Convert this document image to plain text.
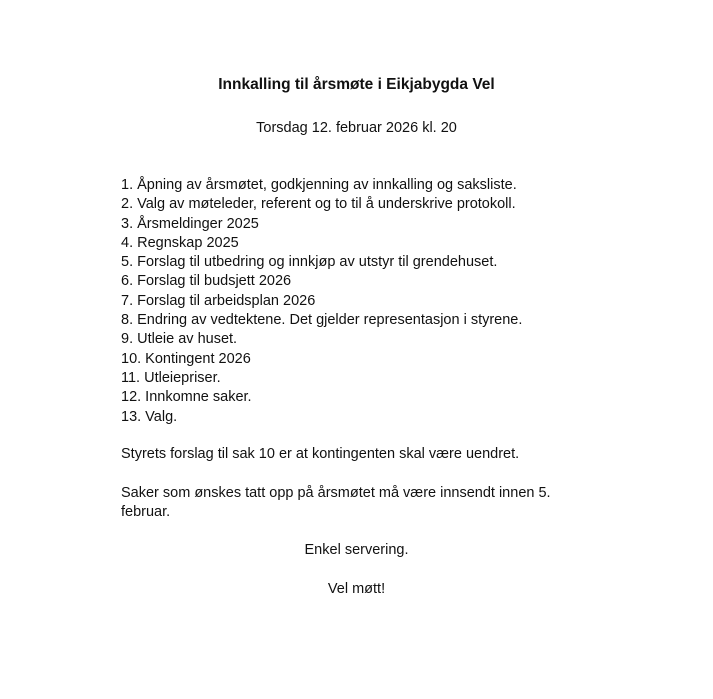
Innkalling til årsmøte i Eikjabygda Vel

Torsdag 12. februar 2026 kl. 20

1. Åpning av årsmøtet, godkjenning av innkalling og saksliste.
2. Valg av møteleder, referent og to til å underskrive protokoll.
3. Årsmeldinger 2025
4. Regnskap 2025
5. Forslag til utbedring og innkjøp av utstyr til grendehuset.
6. Forslag til budsjett 2026
7. Forslag til arbeidsplan 2026
8. Endring av vedtektene. Det gjelder representasjon i styrene.
9. Utleie av huset.
10. Kontingent 2026
11. Utleiepriser.
12. Innkomne saker.
13. Valg.

Styrets forslag til sak 10 er at kontingenten skal være uendret.

Saker som ønskes tatt opp på årsmøtet må være innsendt innen 5. februar.

Enkel servering.

Vel møtt!
